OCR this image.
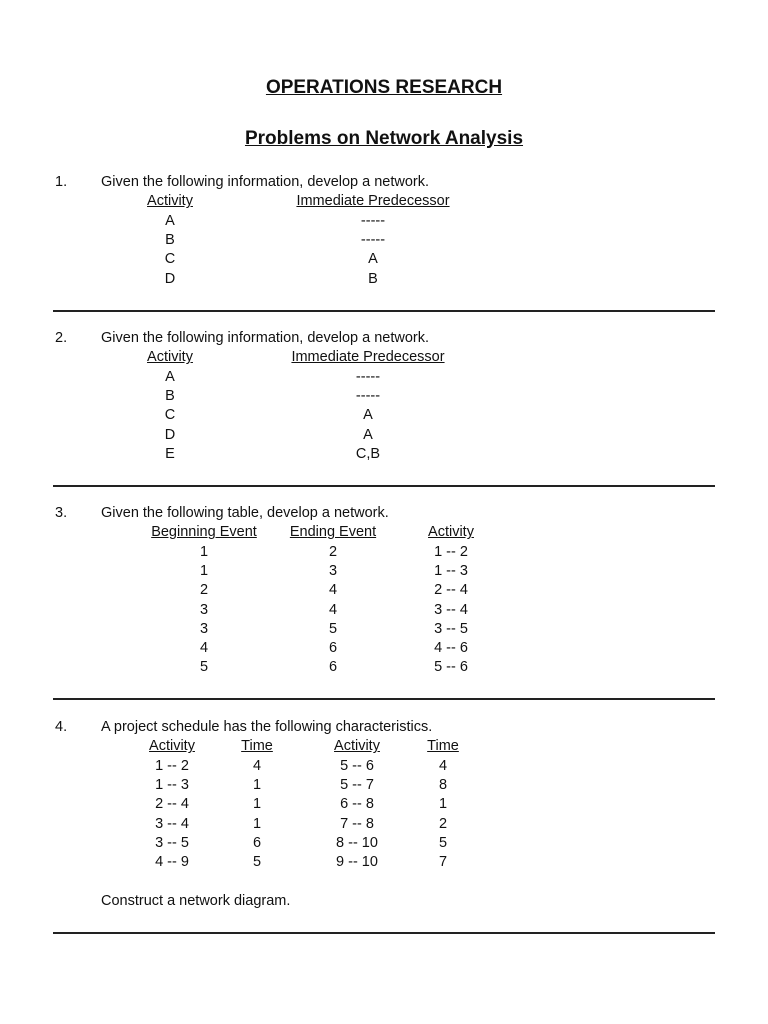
OPERATIONS RESEARCH
Problems on Network Analysis
1. Given the following information, develop a network.
Activity	Immediate Predecessor
A	-----
B	-----
C	A
D	B
2. Given the following information, develop a network.
Activity	Immediate Predecessor
A	-----
B	-----
C	A
D	A
E	C,B
3. Given the following table, develop a network.
Beginning Event	Ending Event	Activity
1	2	1 -- 2
1	3	1 -- 3
2	4	2 -- 4
3	4	3 -- 4
3	5	3 -- 5
4	6	4 -- 6
5	6	5 -- 6
4. A project schedule has the following characteristics.
Activity	Time	Activity	Time
1 -- 2	4	5 -- 6	4
1 -- 3	1	5 -- 7	8
2 -- 4	1	6 -- 8	1
3 -- 4	1	7 -- 8	2
3 -- 5	6	8 -- 10	5
4 -- 9	5	9 -- 10	7
Construct a network diagram.
